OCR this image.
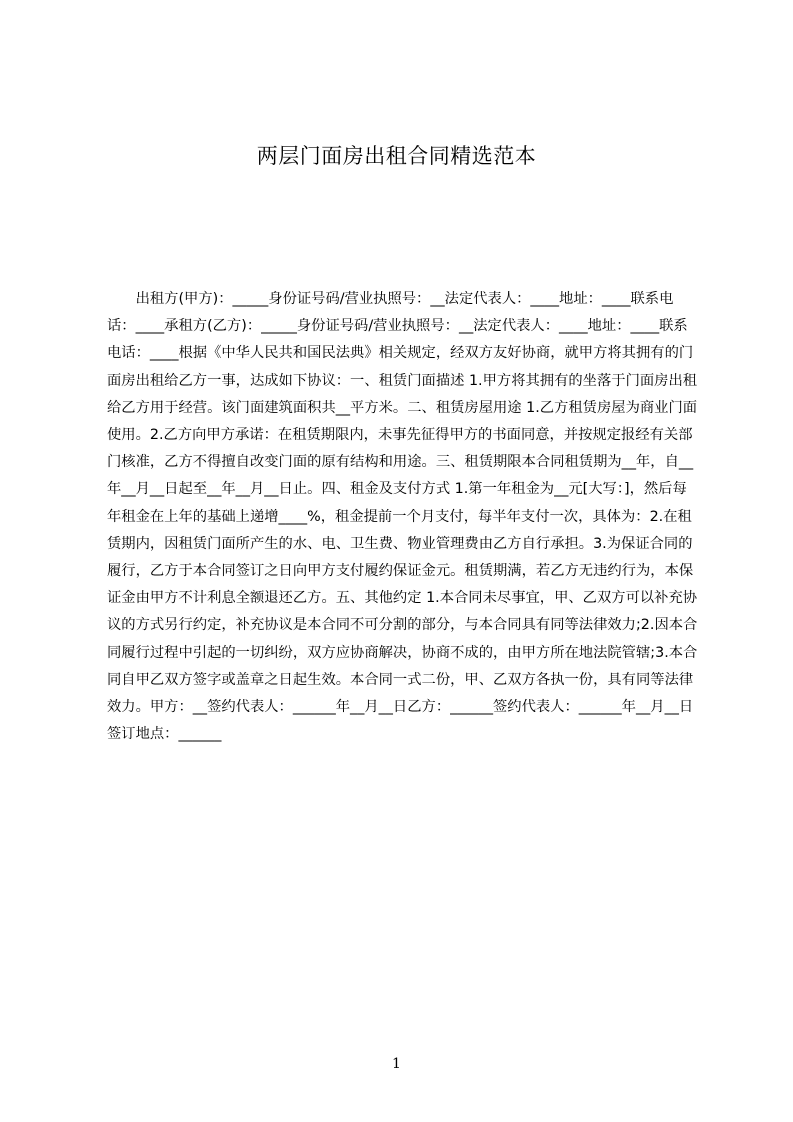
两层门面房出租合同精选范本

出租方(甲方)：_____身份证号码/营业执照号：__法定代表人：____地址：____联系电话：____承租方(乙方)：_____身份证号码/营业执照号：__法定代表人：____地址：____联系电话：____根据《中华人民共和国民法典》相关规定，经双方友好协商，就甲方将其拥有的门面房出租给乙方一事，达成如下协议：一、租赁门面描述 1.甲方将其拥有的坐落于门面房出租给乙方用于经营。该门面建筑面积共__平方米。二、租赁房屋用途 1.乙方租赁房屋为商业门面使用。2.乙方向甲方承诺：在租赁期限内，未事先征得甲方的书面同意，并按规定报经有关部门核准，乙方不得擅自改变门面的原有结构和用途。三、租赁期限本合同租赁期为__年，自__年__月__日起至__年__月__日止。四、租金及支付方式 1.第一年租金为__元[大写：]，然后每年租金在上年的基础上递增____%，租金提前一个月支付，每半年支付一次，具体为：2.在租赁期内，因租赁门面所产生的水、电、卫生费、物业管理费由乙方自行承担。3.为保证合同的履行，乙方于本合同签订之日向甲方支付履约保证金元。租赁期满，若乙方无违约行为，本保证金由甲方不计利息全额退还乙方。五、其他约定 1.本合同未尽事宜，甲、乙双方可以补充协议的方式另行约定，补充协议是本合同不可分割的部分，与本合同具有同等法律效力;2.因本合同履行过程中引起的一切纠纷，双方应协商解决，协商不成的，由甲方所在地法院管辖;3.本合同自甲乙双方签字或盖章之日起生效。本合同一式二份，甲、乙双方各执一份，具有同等法律效力。甲方：__签约代表人：______年__月__日乙方：______签约代表人：______年__月__日签订地点：______

1
